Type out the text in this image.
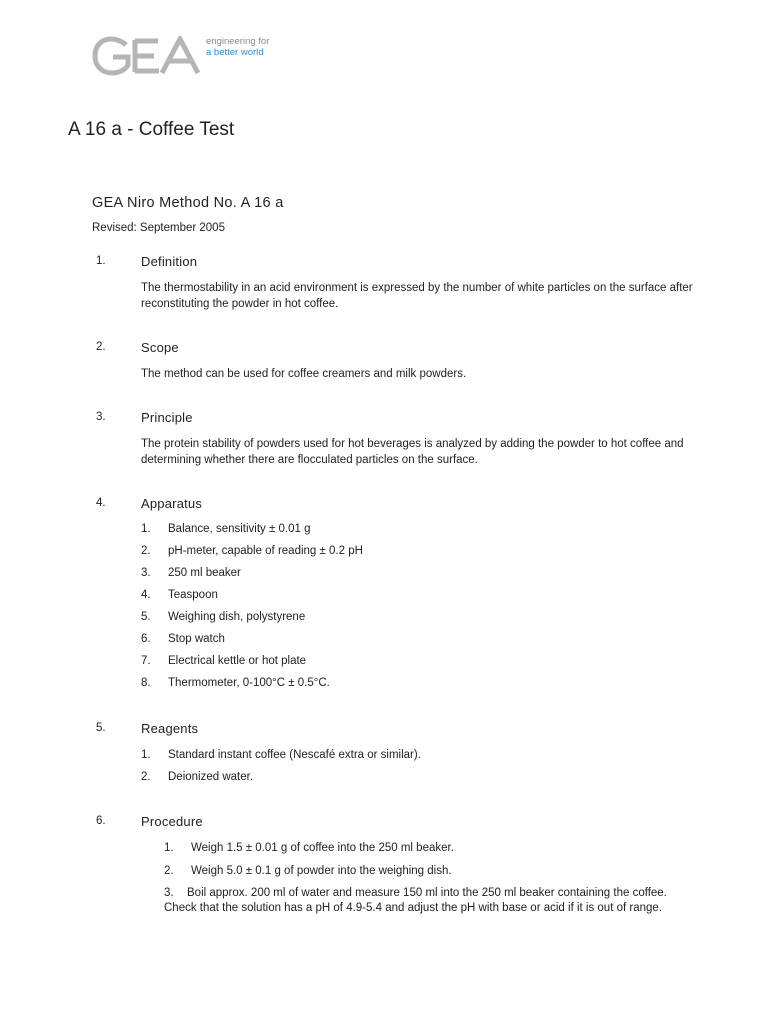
engineering for
a better world
A 16 a - Coffee Test
GEA Niro Method No. A 16 a
Revised: September 2005
1.	Definition
The thermostability in an acid environment is expressed by the number of white particles on the surface after reconstituting the powder in hot coffee.
2.	Scope
The method can be used for coffee creamers and milk powders.
3.	Principle
The protein stability of powders used for hot beverages is analyzed by adding the powder to hot coffee and determining whether there are flocculated particles on the surface.
4.	Apparatus
1. Balance, sensitivity ± 0.01 g
2. pH-meter, capable of reading ± 0.2 pH
3. 250 ml beaker
4. Teaspoon
5. Weighing dish, polystyrene
6. Stop watch
7. Electrical kettle or hot plate
8. Thermometer, 0-100°C ± 0.5°C.
5.	Reagents
1. Standard instant coffee (Nescafé extra or similar).
2. Deionized water.
6.	Procedure
1. Weigh 1.5 ± 0.01 g of coffee into the 250 ml beaker.
2. Weigh 5.0 ± 0.1 g of powder into the weighing dish.
3. Boil approx. 200 ml of water and measure 150 ml into the 250 ml beaker containing the coffee.
Check that the solution has a pH of 4.9-5.4 and adjust the pH with base or acid if it is out of range.
